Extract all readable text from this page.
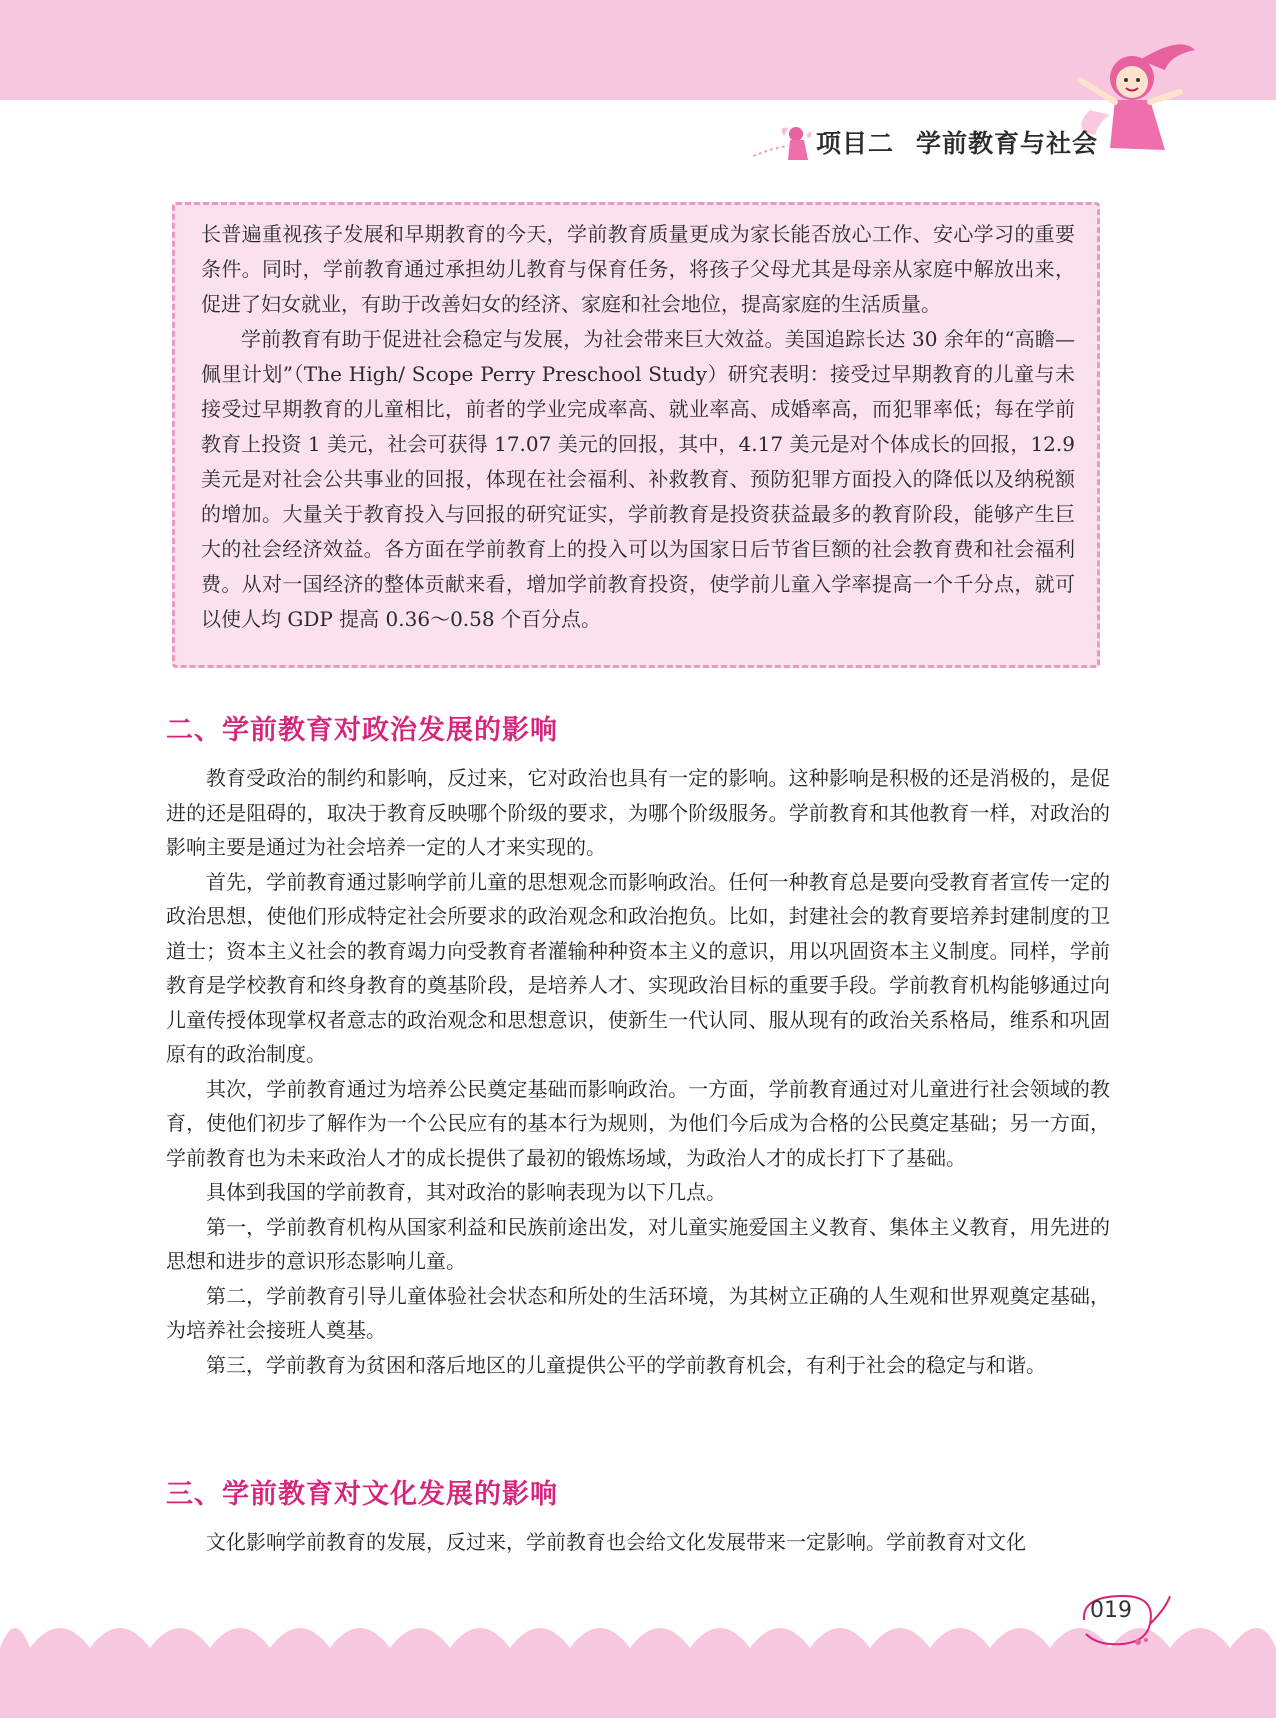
项目二 学前教育与社会

长普遍重视孩子发展和早期教育的今天，学前教育质量更成为家长能否放心工作、安心学习的重要条件。同时，学前教育通过承担幼儿教育与保育任务，将孩子父母尤其是母亲从家庭中解放出来，促进了妇女就业，有助于改善妇女的经济、家庭和社会地位，提高家庭的生活质量。

学前教育有助于促进社会稳定与发展，为社会带来巨大效益。美国追踪长达 30 余年的“高瞻—佩里计划”（The High/ Scope Perry Preschool Study）研究表明：接受过早期教育的儿童与未接受过早期教育的儿童相比，前者的学业完成率高、就业率高、成婚率高，而犯罪率低；每在学前教育上投资 1 美元，社会可获得 17.07 美元的回报，其中，4.17 美元是对个体成长的回报，12.9 美元是对社会公共事业的回报，体现在社会福利、补救教育、预防犯罪方面投入的降低以及纳税额的增加。大量关于教育投入与回报的研究证实，学前教育是投资获益最多的教育阶段，能够产生巨大的社会经济效益。各方面在学前教育上的投入可以为国家日后节省巨额的社会教育费和社会福利费。从对一国经济的整体贡献来看，增加学前教育投资，使学前儿童入学率提高一个千分点，就可以使人均 GDP 提高 0.36～0.58 个百分点。

二、学前教育对政治发展的影响

教育受政治的制约和影响，反过来，它对政治也具有一定的影响。这种影响是积极的还是消极的，是促进的还是阻碍的，取决于教育反映哪个阶级的要求，为哪个阶级服务。学前教育和其他教育一样，对政治的影响主要是通过为社会培养一定的人才来实现的。

首先，学前教育通过影响学前儿童的思想观念而影响政治。任何一种教育总是要向受教育者宣传一定的政治思想，使他们形成特定社会所要求的政治观念和政治抱负。比如，封建社会的教育要培养封建制度的卫道士；资本主义社会的教育竭力向受教育者灌输种种资本主义的意识，用以巩固资本主义制度。同样，学前教育是学校教育和终身教育的奠基阶段，是培养人才、实现政治目标的重要手段。学前教育机构能够通过向儿童传授体现掌权者意志的政治观念和思想意识，使新生一代认同、服从现有的政治关系格局，维系和巩固原有的政治制度。

其次，学前教育通过为培养公民奠定基础而影响政治。一方面，学前教育通过对儿童进行社会领域的教育，使他们初步了解作为一个公民应有的基本行为规则，为他们今后成为合格的公民奠定基础；另一方面，学前教育也为未来政治人才的成长提供了最初的锻炼场域，为政治人才的成长打下了基础。

具体到我国的学前教育，其对政治的影响表现为以下几点。

第一，学前教育机构从国家利益和民族前途出发，对儿童实施爱国主义教育、集体主义教育，用先进的思想和进步的意识形态影响儿童。

第二，学前教育引导儿童体验社会状态和所处的生活环境，为其树立正确的人生观和世界观奠定基础，为培养社会接班人奠基。

第三，学前教育为贫困和落后地区的儿童提供公平的学前教育机会，有利于社会的稳定与和谐。

三、学前教育对文化发展的影响

文化影响学前教育的发展，反过来，学前教育也会给文化发展带来一定影响。学前教育对文化

019
